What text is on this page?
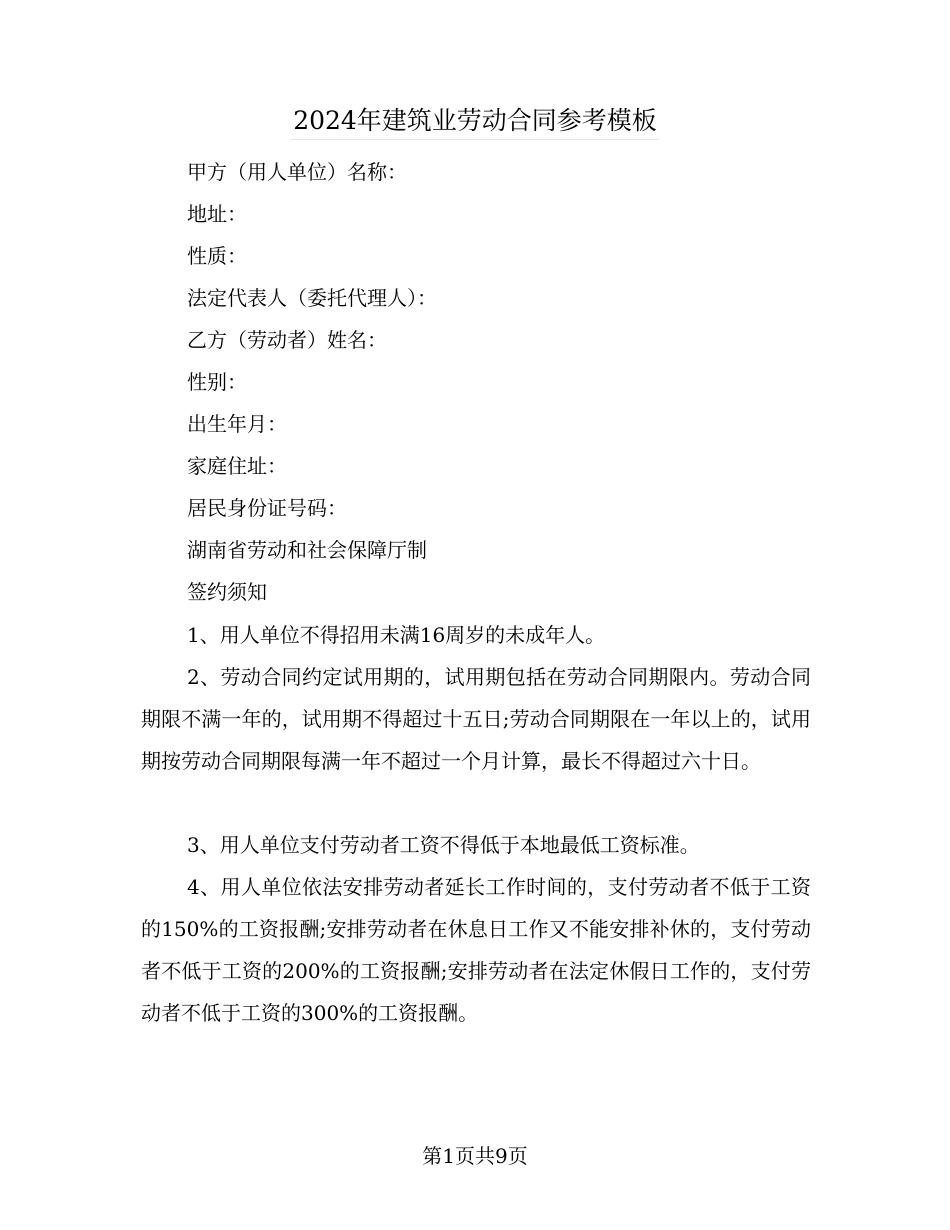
2024年建筑业劳动合同参考模板
甲方（用人单位）名称：
地址：
性质：
法定代表人（委托代理人）：
乙方（劳动者）姓名：
性别：
出生年月：
家庭住址：
居民身份证号码：
湖南省劳动和社会保障厅制
签约须知

1、用人单位不得招用未满16周岁的未成年人。

2、劳动合同约定试用期的，试用期包括在劳动合同期限内。劳动合同期限不满一年的，试用期不得超过十五日;劳动合同期限在一年以上的，试用期按劳动合同期限每满一年不超过一个月计算，最长不得超过六十日。

3、用人单位支付劳动者工资不得低于本地最低工资标准。

4、用人单位依法安排劳动者延长工作时间的，支付劳动者不低于工资的150%的工资报酬;安排劳动者在休息日工作又不能安排补休的，支付劳动者不低于工资的200%的工资报酬;安排劳动者在法定休假日工作的，支付劳动者不低于工资的300%的工资报酬。

第1页共9页
